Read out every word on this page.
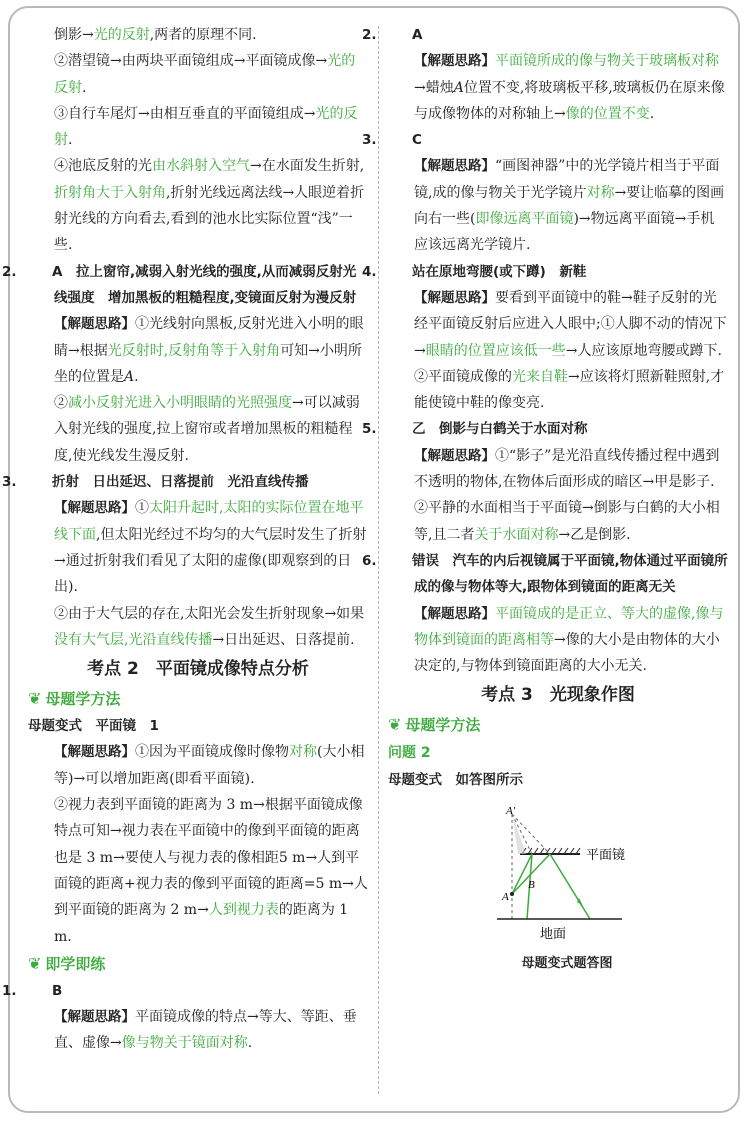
倒影→光的反射,两者的原理不同.

②潜望镜→由两块平面镜组成→平面镜成像→光的反射.

③自行车尾灯→由相互垂直的平面镜组成→光的反射.

④池底反射的光由水斜射入空气→在水面发生折射,折射角大于入射角,折射光线远离法线→人眼逆着折射光线的方向看去,看到的池水比实际位置“浅”一些.

2.	A　拉上窗帘,减弱入射光线的强度,从而减弱反射光线强度　增加黑板的粗糙程度,变镜面反射为漫反射

【解题思路】①光线射向黑板,反射光进入小明的眼睛→根据光反射时,反射角等于入射角可知→小明所坐的位置是A.

②减小反射光进入小明眼睛的光照强度→可以减弱入射光线的强度,拉上窗帘或者增加黑板的粗糙程度,使光线发生漫反射.

3.	折射　日出延迟、日落提前　光沿直线传播

【解题思路】①太阳升起时,太阳的实际位置在地平线下面,但太阳光经过不均匀的大气层时发生了折射→通过折射我们看见了太阳的虚像(即观察到的日出).

②由于大气层的存在,太阳光会发生折射现象→如果没有大气层,光沿直线传播→日出延迟、日落提前.

考点 2　平面镜成像特点分析

❦ 母题学方法

母题变式　 平面镜　1

【解题思路】①因为平面镜成像时像物对称(大小相等)→可以增加距离(即看平面镜).

②视力表到平面镜的距离为 3 m→根据平面镜成像特点可知→视力表在平面镜中的像到平面镜的距离也是 3 m→要使人与视力表的像相距5 m→人到平面镜的距离+视力表的像到平面镜的距离=5 m→人到平面镜的距离为 2 m→人到视力表的距离为 1 m.

❦ 即学即练

1.	B

【解题思路】平面镜成像的特点→等大、等距、垂直、虚像→像与物关于镜面对称.

2.	A

【解题思路】平面镜所成的像与物关于玻璃板对称→蜡烛A位置不变,将玻璃板平移,玻璃板仍在原来像与成像物体的对称轴上→像的位置不变.

3.	C

【解题思路】“画图神器”中的光学镜片相当于平面镜,成的像与物关于光学镜片对称→要让临摹的图画向右一些(即像远离平面镜)→物远离平面镜→手机应该远离光学镜片.

4.	站在原地弯腰(或下蹲)　新鞋

【解题思路】要看到平面镜中的鞋→鞋子反射的光经平面镜反射后应进入人眼中;①人脚不动的情况下→眼睛的位置应该低一些→人应该原地弯腰或蹲下.

②平面镜成像的光来自鞋→应该将灯照新鞋照射,才能使镜中鞋的像变亮.

5.	乙　倒影与白鹤关于水面对称

【解题思路】①“影子”是光沿直线传播过程中遇到不透明的物体,在物体后面形成的暗区→甲是影子.

②平静的水面相当于平面镜→倒影与白鹤的大小相等,且二者关于水面对称→乙是倒影.

6.	错误　汽车的内后视镜属于平面镜,物体通过平面镜所成的像与物体等大,跟物体到镜面的距离无关

【解题思路】平面镜成的是正立、等大的虚像,像与物体到镜面的距离相等→像的大小是由物体的大小决定的,与物体到镜面距离的大小无关.

考点 3　光现象作图

❦ 母题学方法

问题 2

母题变式　 如答图所示

A′
A
B
平面镜
地面

母题变式题答图
